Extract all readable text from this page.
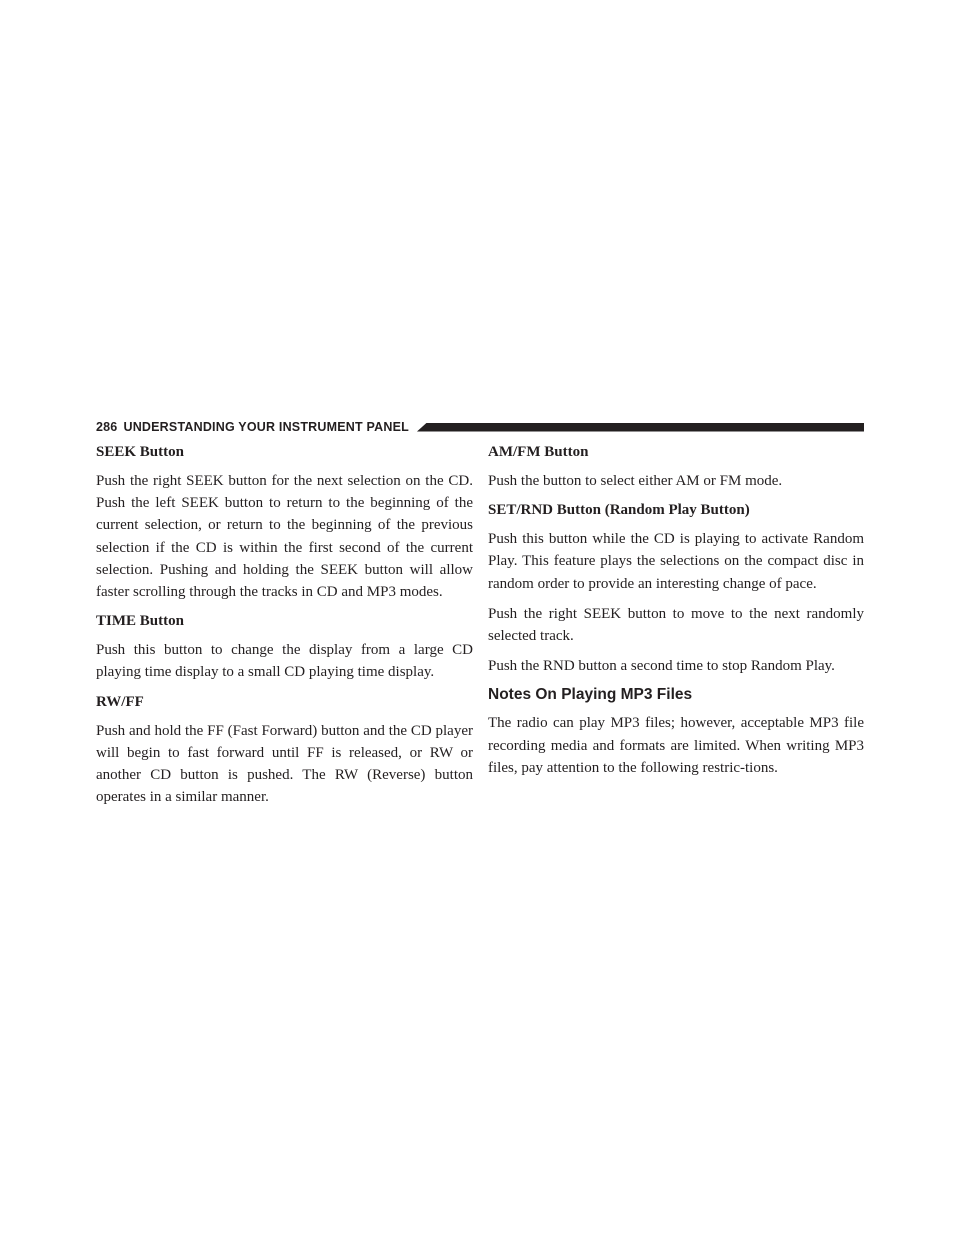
286 UNDERSTANDING YOUR INSTRUMENT PANEL
SEEK Button

Push the right SEEK button for the next selection on the CD. Push the left SEEK button to return to the beginning of the current selection, or return to the beginning of the previous selection if the CD is within the first second of the current selection. Pushing and holding the SEEK button will allow faster scrolling through the tracks in CD and MP3 modes.

TIME Button

Push this button to change the display from a large CD playing time display to a small CD playing time display.

RW/FF

Push and hold the FF (Fast Forward) button and the CD player will begin to fast forward until FF is released, or RW or another CD button is pushed. The RW (Reverse) button operates in a similar manner.

AM/FM Button

Push the button to select either AM or FM mode.

SET/RND Button (Random Play Button)

Push this button while the CD is playing to activate Random Play. This feature plays the selections on the compact disc in random order to provide an interesting change of pace.

Push the right SEEK button to move to the next randomly selected track.

Push the RND button a second time to stop Random Play.

Notes On Playing MP3 Files

The radio can play MP3 files; however, acceptable MP3 file recording media and formats are limited. When writing MP3 files, pay attention to the following restric-tions.
